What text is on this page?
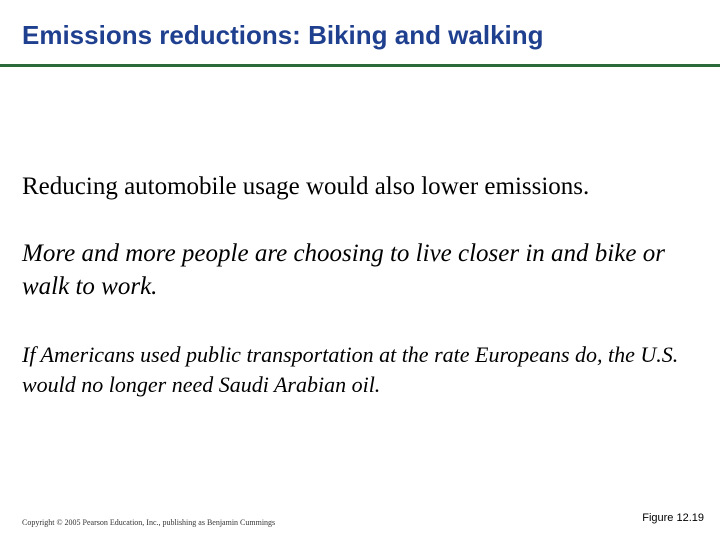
Emissions reductions: Biking and walking
Reducing automobile usage would also lower emissions.
More and more people are choosing to live closer in and bike or walk to work.
If Americans used public transportation at the rate Europeans do, the U.S. would no longer need Saudi Arabian oil.
Copyright © 2005 Pearson Education, Inc., publishing as Benjamin Cummings	Figure 12.19
